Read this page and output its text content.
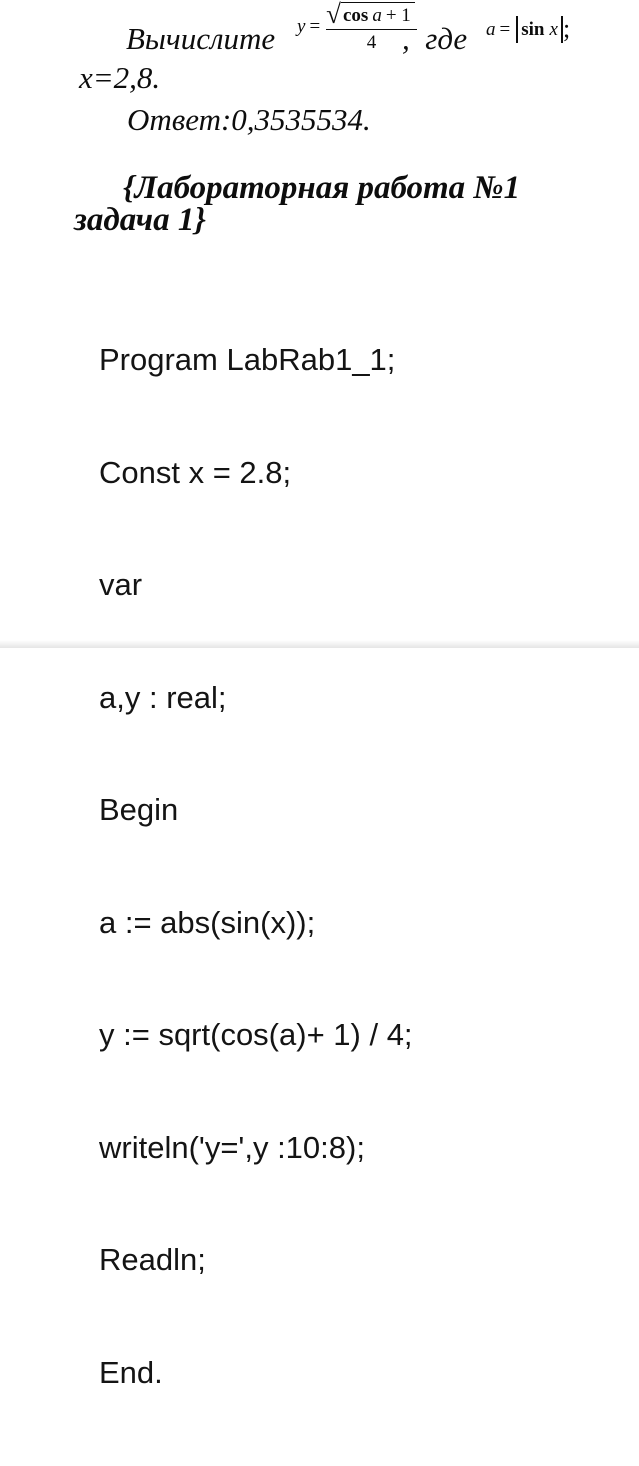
Вычислите $y = \frac{\text{√ cos a + 1}}{4}$
,  где a = sin x ;
x=2,8.
Ответ:0,3535534.
{Лабораторная работа №1
задача 1}

Program LabRab1_1;

Const x = 2.8;

var

a,y : real;

Begin

a := abs(sin(x));

y := sqrt(cos(a)+ 1) / 4;

writeln('y=',y :10:8);

Readln;

End.
